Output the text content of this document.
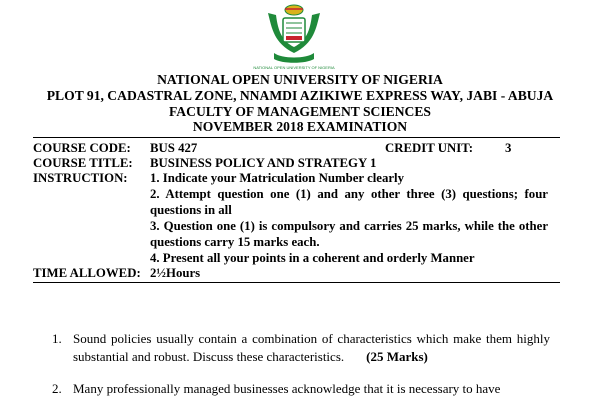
NATIONAL OPEN UNIVERSITY OF NIGERIA
NATIONAL OPEN UNIVERSITY OF NIGERIA
PLOT 91, CADASTRAL ZONE, NNAMDI AZIKIWE EXPRESS WAY, JABI - ABUJA
FACULTY OF MANAGEMENT SCIENCES
NOVEMBER 2018 EXAMINATION
COURSE CODE: BUS 427	CREDIT UNIT: 3
COURSE TITLE: BUSINESS POLICY AND STRATEGY 1
INSTRUCTION: 1. Indicate your Matriculation Number clearly
2. Attempt question one (1) and any other three (3) questions; four questions in all
3. Question one (1) is compulsory and carries 25 marks, while the other questions carry 15 marks each.
4. Present all your points in a coherent and orderly Manner
TIME ALLOWED: 2½Hours
1. Sound policies usually contain a combination of characteristics which make them highly substantial and robust. Discuss these characteristics. (25 Marks)
2. Many professionally managed businesses acknowledge that it is necessary to have
